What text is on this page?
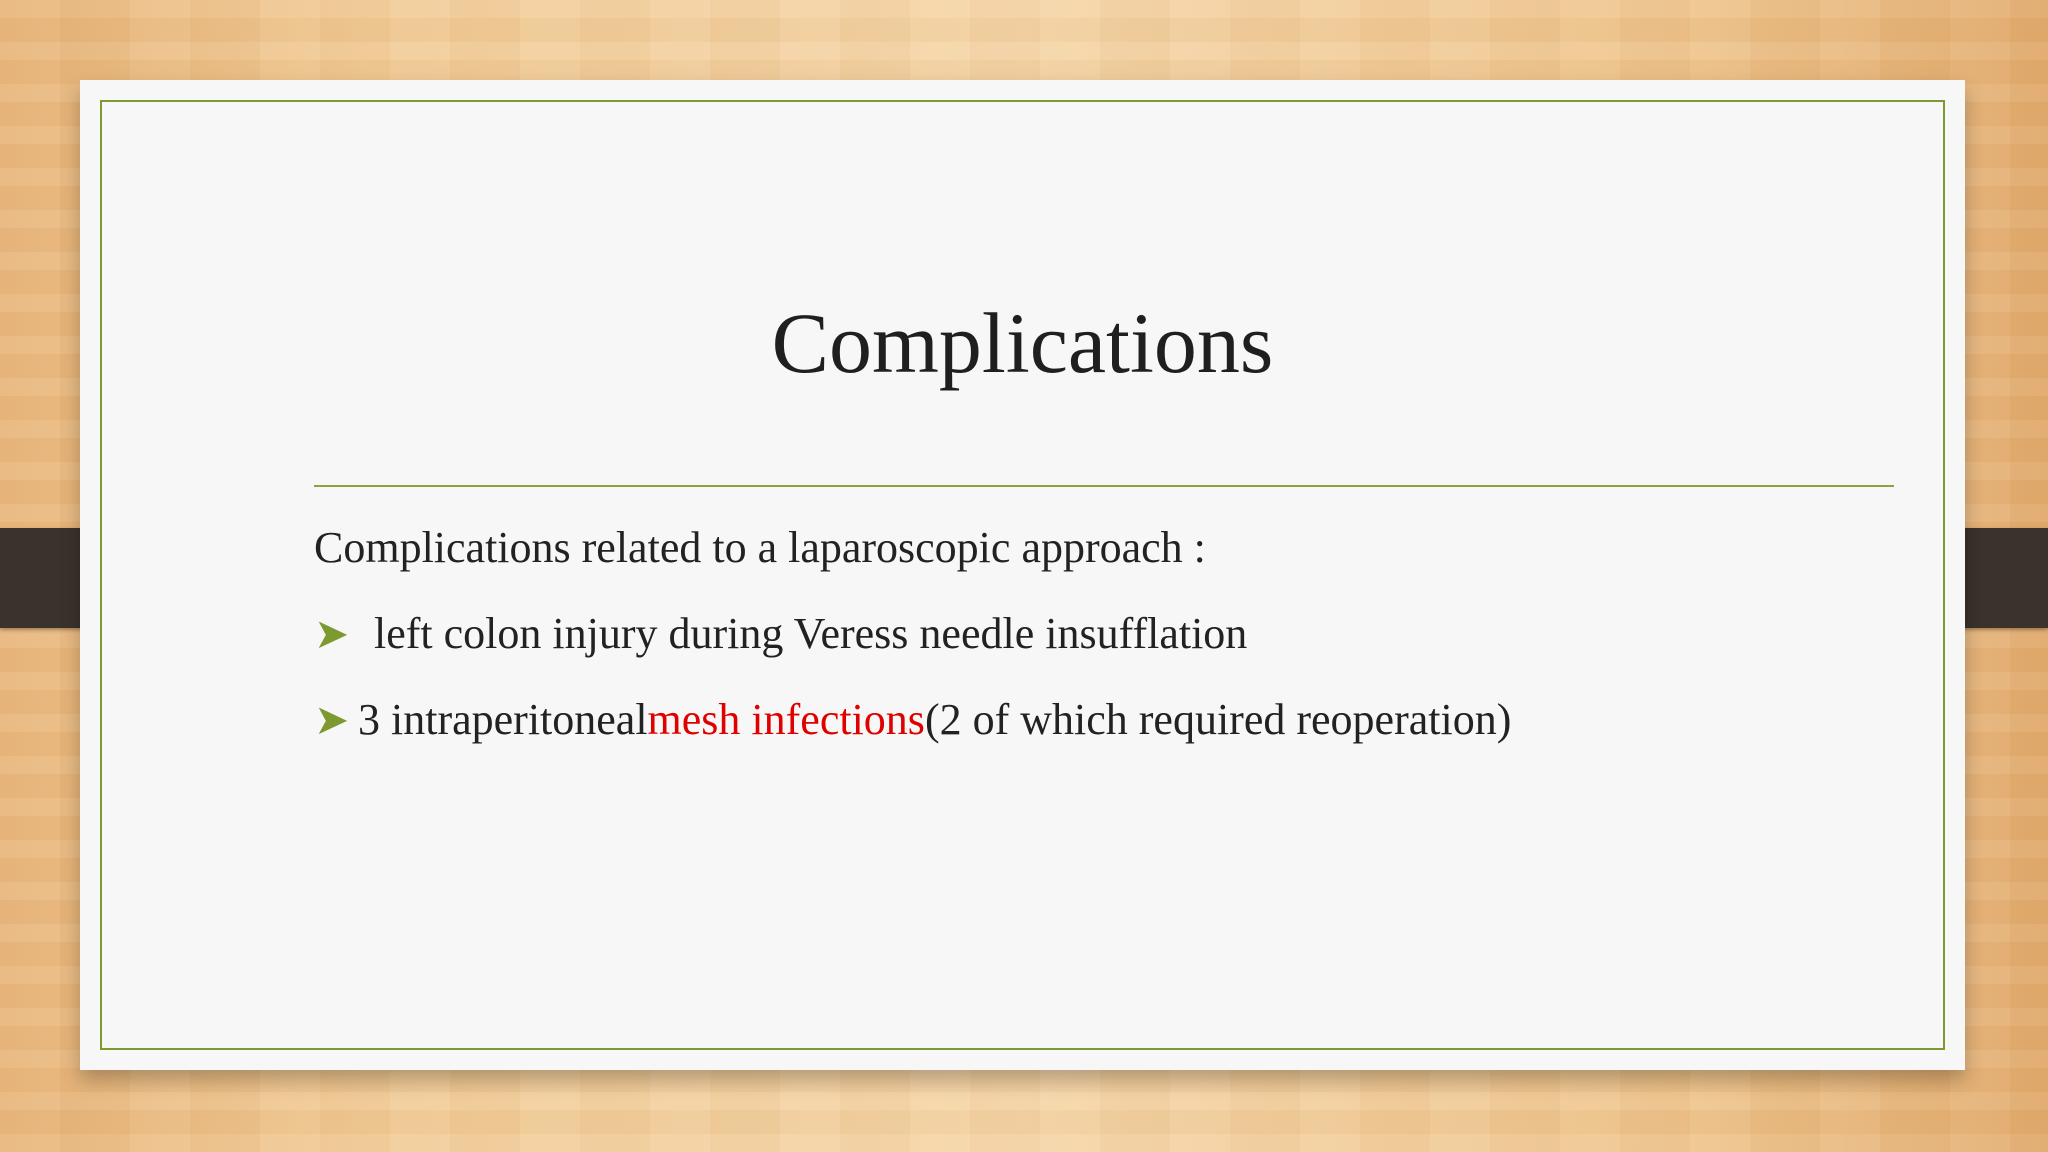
Complications
Complications related to a laparoscopic approach :
➤ left colon injury during Veress needle insufflation
➤ 3 intraperitoneal mesh infections (2 of which required reoperation)
